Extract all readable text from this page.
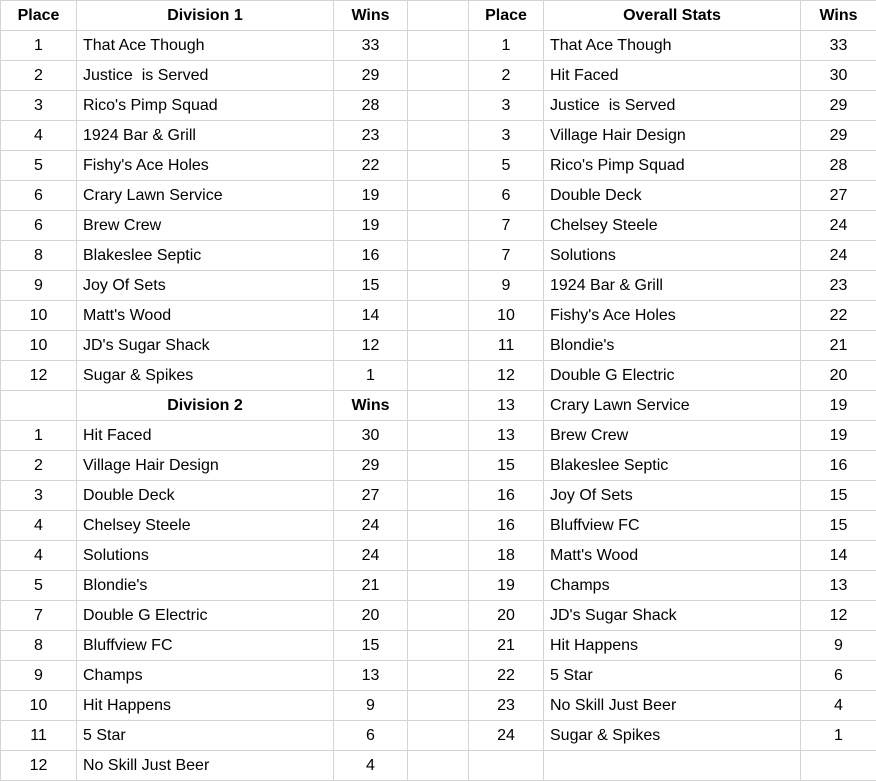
Place	Division 1	Wins		Place	Overall Stats	Wins
1	That Ace Though	33		1	That Ace Though	33
2	Justice  is Served	29		2	Hit Faced	30
3	Rico's Pimp Squad	28		3	Justice  is Served	29
4	1924 Bar & Grill	23		3	Village Hair Design	29
5	Fishy's Ace Holes	22		5	Rico's Pimp Squad	28
6	Crary Lawn Service	19		6	Double Deck	27
6	Brew Crew	19		7	Chelsey Steele	24
8	Blakeslee Septic	16		7	Solutions	24
9	Joy Of Sets	15		9	1924 Bar & Grill	23
10	Matt's Wood	14		10	Fishy's Ace Holes	22
10	JD's Sugar Shack	12		11	Blondie's	21
12	Sugar & Spikes	1		12	Double G Electric	20
	Division 2	Wins		13	Crary Lawn Service	19
1	Hit Faced	30		13	Brew Crew	19
2	Village Hair Design	29		15	Blakeslee Septic	16
3	Double Deck	27		16	Joy Of Sets	15
4	Chelsey Steele	24		16	Bluffview FC	15
4	Solutions	24		18	Matt's Wood	14
5	Blondie's	21		19	Champs	13
7	Double G Electric	20		20	JD's Sugar Shack	12
8	Bluffview FC	15		21	Hit Happens	9
9	Champs	13		22	5 Star	6
10	Hit Happens	9		23	No Skill Just Beer	4
11	5 Star	6		24	Sugar & Spikes	1
12	No Skill Just Beer	4				
